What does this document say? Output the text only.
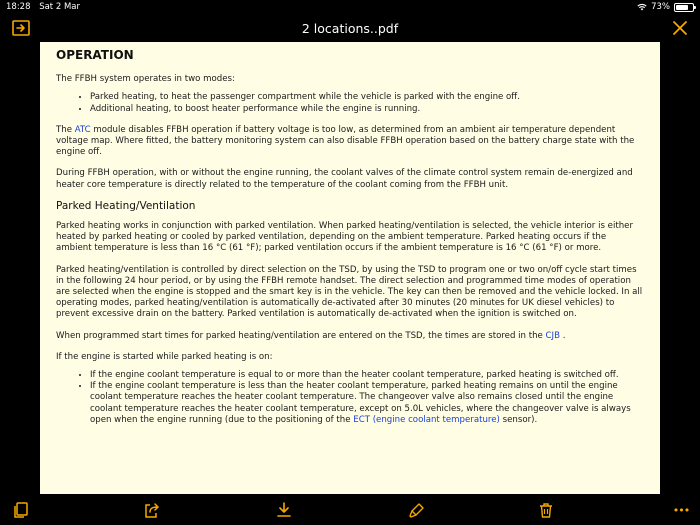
18:28 Sat 2 Mar	73%
2 locations..pdf
OPERATION

The FFBH system operates in two modes:

• Parked heating, to heat the passenger compartment while the vehicle is parked with the engine off.
• Additional heating, to boost heater performance while the engine is running.

The ATC module disables FFBH operation if battery voltage is too low, as determined from an ambient air temperature dependent voltage map. Where fitted, the battery monitoring system can also disable FFBH operation based on the battery charge state with the engine off.

During FFBH operation, with or without the engine running, the coolant valves of the climate control system remain de-energized and heater core temperature is directly related to the temperature of the coolant coming from the FFBH unit.

Parked Heating/Ventilation

Parked heating works in conjunction with parked ventilation. When parked heating/ventilation is selected, the vehicle interior is either heated by parked heating or cooled by parked ventilation, depending on the ambient temperature. Parked heating occurs if the ambient temperature is less than 16 °C (61 °F); parked ventilation occurs if the ambient temperature is 16 °C (61 °F) or more.

Parked heating/ventilation is controlled by direct selection on the TSD, by using the TSD to program one or two on/off cycle start times in the following 24 hour period, or by using the FFBH remote handset. The direct selection and programmed time modes of operation are selected when the engine is stopped and the smart key is in the vehicle. The key can then be removed and the vehicle locked. In all operating modes, parked heating/ventilation is automatically de-activated after 30 minutes (20 minutes for UK diesel vehicles) to prevent excessive drain on the battery. Parked ventilation is automatically de-activated when the ignition is switched on.

When programmed start times for parked heating/ventilation are entered on the TSD, the times are stored in the CJB .

If the engine is started while parked heating is on:

• If the engine coolant temperature is equal to or more than the heater coolant temperature, parked heating is switched off.
• If the engine coolant temperature is less than the heater coolant temperature, parked heating remains on until the engine coolant temperature reaches the heater coolant temperature. The changeover valve also remains closed until the engine coolant temperature reaches the heater coolant temperature, except on 5.0L vehicles, where the changeover valve is always open when the engine running (due to the positioning of the ECT (engine coolant temperature) sensor).
•••
